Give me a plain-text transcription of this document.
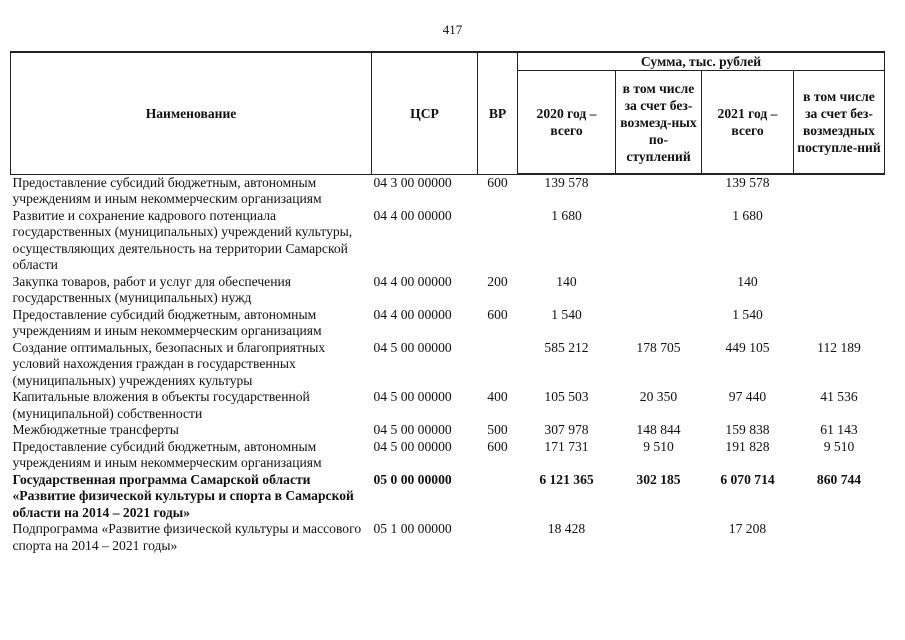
417
Наименование	ЦСР	ВР	Сумма, тыс. рублей			
			2020 год – всего	в том числе за счет без-возмезд-ных по-ступлений	2021 год – всего	в том числе за счет без-возмездных поступле-ний
Предоставление субсидий бюджетным, автономным учреждениям и иным некоммерческим организациям	04 3 00 00000	600	139 578		139 578	
Развитие и сохранение кадрового потенциала государственных (муниципальных) учреждений культуры, осуществляющих деятельность на территории Самарской области	04 4 00 00000		1 680		1 680	
Закупка товаров, работ и услуг для обеспечения государственных (муниципальных) нужд	04 4 00 00000	200	140		140	
Предоставление субсидий бюджетным, автономным учреждениям и иным некоммерческим организациям	04 4 00 00000	600	1 540		1 540	
Создание оптимальных, безопасных и благоприятных условий нахождения граждан в государственных (муниципальных) учреждениях культуры	04 5 00 00000		585 212	178 705	449 105	112 189
Капитальные вложения в объекты государственной (муниципальной) собственности	04 5 00 00000	400	105 503	20 350	97 440	41 536
Межбюджетные трансферты	04 5 00 00000	500	307 978	148 844	159 838	61 143
Предоставление субсидий бюджетным, автономным учреждениям и иным некоммерческим организациям	04 5 00 00000	600	171 731	9 510	191 828	9 510
Государственная программа Самарской области «Развитие физической культуры и спорта в Самарской области на 2014 – 2021 годы»	05 0 00 00000		6 121 365	302 185	6 070 714	860 744
Подпрограмма «Развитие физической культуры и массового спорта на 2014 – 2021 годы»	05 1 00 00000		18 428		17 208	
